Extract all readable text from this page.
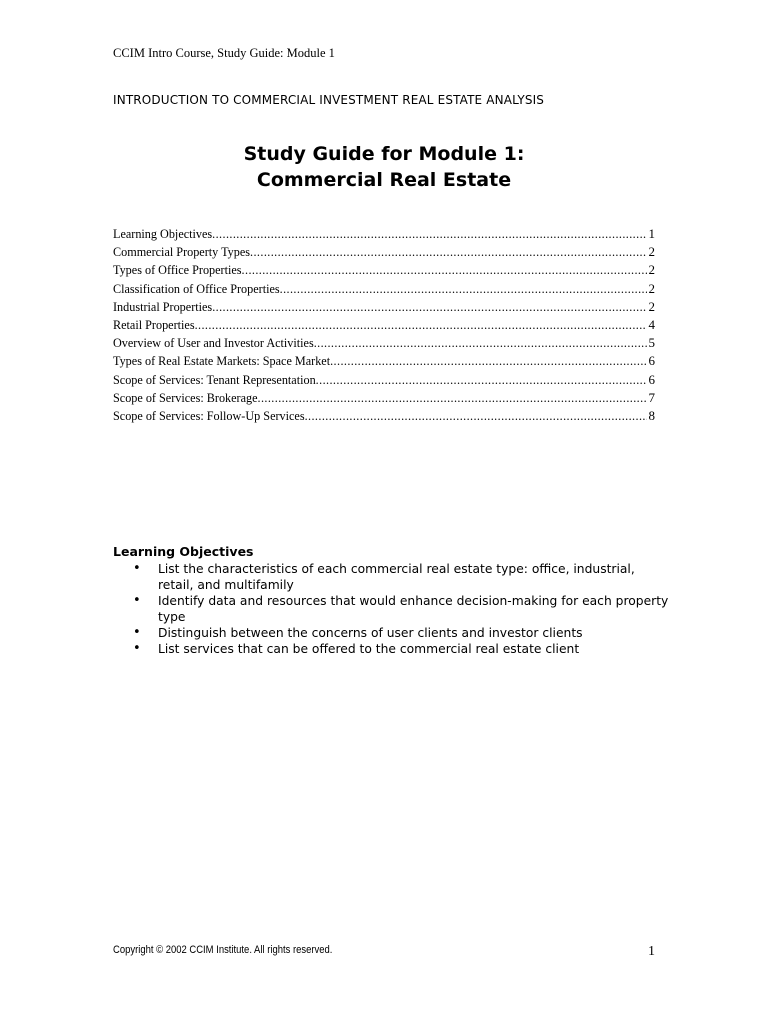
CCIM Intro Course, Study Guide: Module 1
INTRODUCTION TO COMMERCIAL INVESTMENT REAL ESTATE ANALYSIS
Study Guide for Module 1:
Commercial Real Estate
Learning Objectives .....	1
Commercial Property Types .....	2
Types of Office Properties .....	2
Classification of Office Properties .....	2
Industrial Properties .....	2
Retail Properties .....	4
Overview of User and Investor Activities .....	5
Types of Real Estate Markets: Space Market .....	6
Scope of Services: Tenant Representation .....	6
Scope of Services: Brokerage .....	7
Scope of Services: Follow-Up Services .....	8
Learning Objectives
• List the characteristics of each commercial real estate type: office, industrial, retail, and multifamily
• Identify data and resources that would enhance decision-making for each property type
• Distinguish between the concerns of user clients and investor clients
• List services that can be offered to the commercial real estate client
Copyright © 2002 CCIM Institute. All rights reserved.	1
